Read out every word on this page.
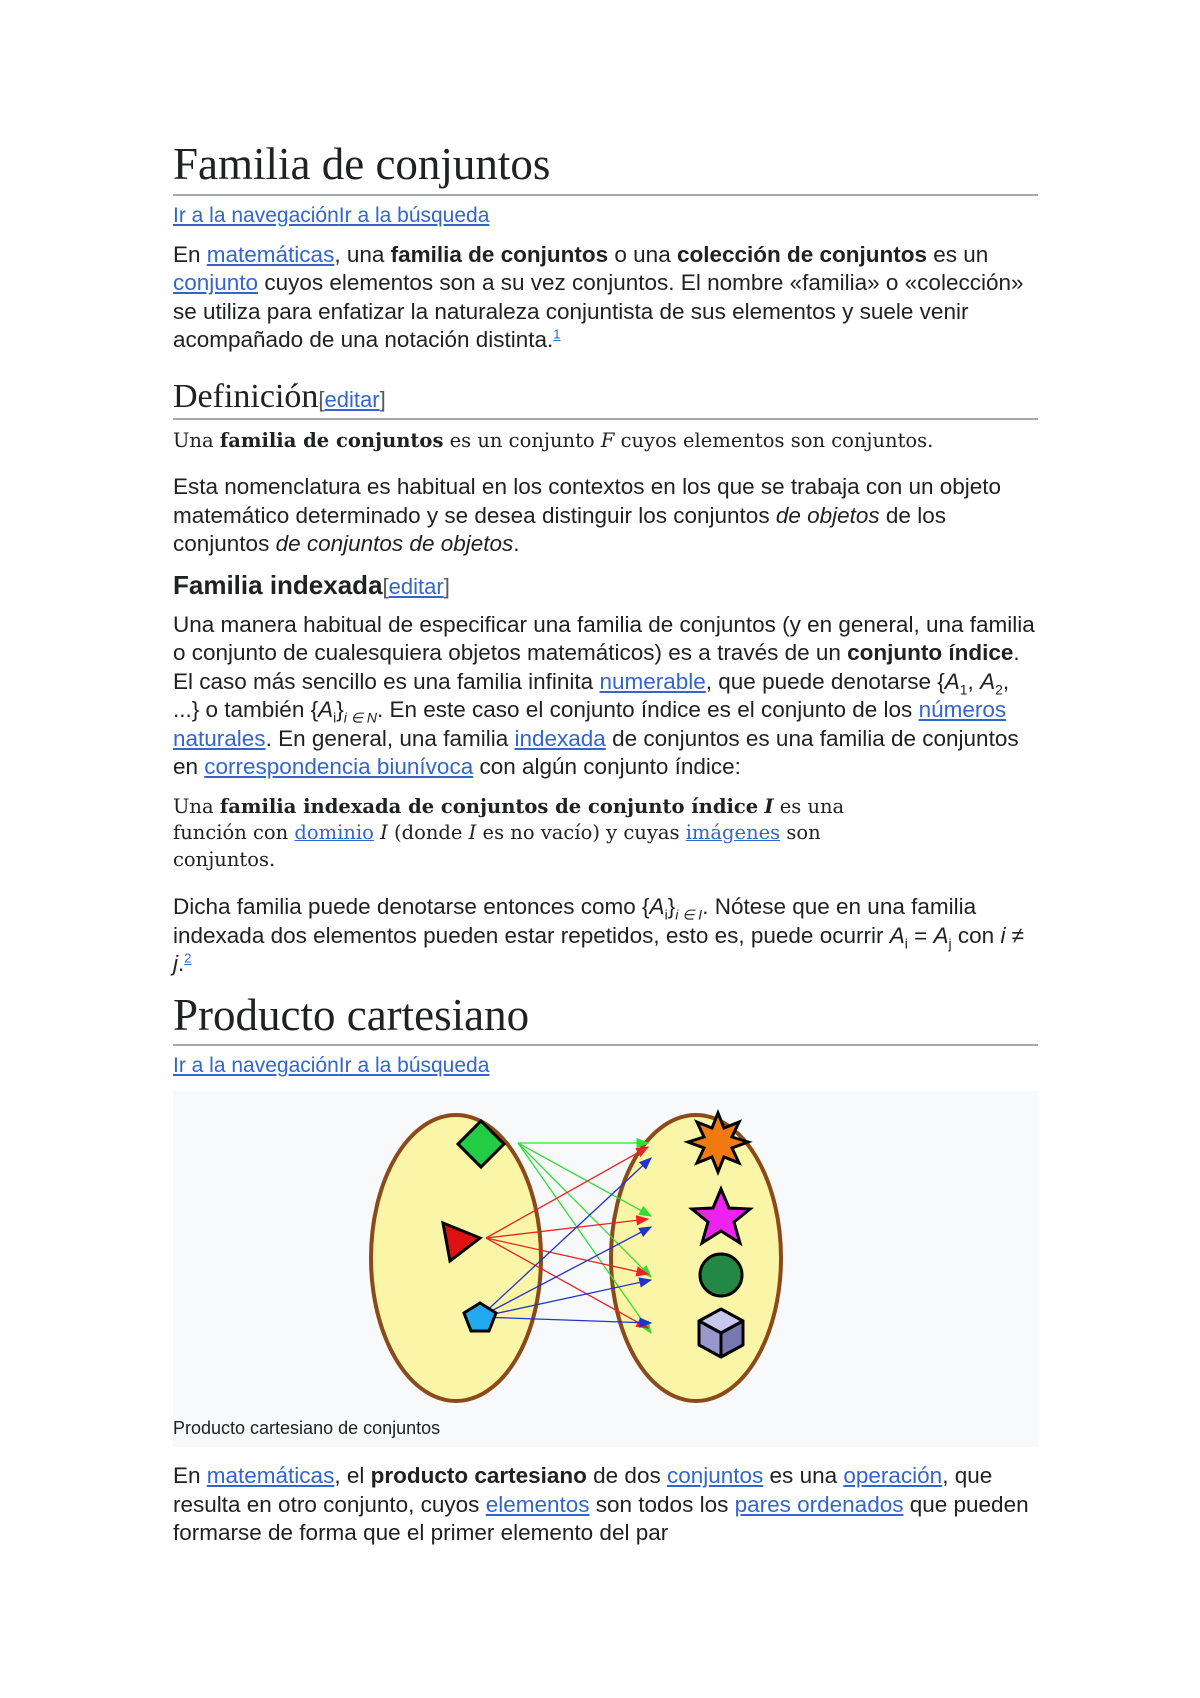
Familia de conjuntos
Ir a la navegaciónIr a la búsqueda

En matemáticas, una familia de conjuntos o una colección de conjuntos es un conjunto cuyos elementos son a su vez conjuntos. El nombre «familia» o «colección» se utiliza para enfatizar la naturaleza conjuntista de sus elementos y suele venir acompañado de una notación distinta.$^1$

Definición[editar]
Una familia de conjuntos es un conjunto F cuyos elementos son conjuntos.

Esta nomenclatura es habitual en los contextos en los que se trabaja con un objeto matemático determinado y se desea distinguir los conjuntos de objetos de los conjuntos de conjuntos de objetos.

Familia indexada[editar]

Una manera habitual de especificar una familia de conjuntos (y en general, una familia o conjunto de cualesquiera objetos matemáticos) es a través de un conjunto índice. El caso más sencillo es una familia infinita numerable, que puede denotarse {$A_1$, $A_2$, ...} o también $\{A_i\}_{i \in N}$. En este caso el conjunto índice es el conjunto de los números naturales. En general, una familia indexada de conjuntos es una familia de conjuntos en correspondencia biunívoca con algún conjunto índice:

Una familia indexada de conjuntos de conjunto índice I es una función con dominio I (donde I es no vacío) y cuyas imágenes son conjuntos.

Dicha familia puede denotarse entonces como $\{A_i\}_{i \in I}$. Nótese que en una familia indexada dos elementos pueden estar repetidos, esto es, puede ocurrir $A_i = A_j$ con i ≠ j.$^2$

Producto cartesiano
Ir a la navegaciónIr a la búsqueda
Producto cartesiano de conjuntos

En matemáticas, el producto cartesiano de dos conjuntos es una operación, que resulta en otro conjunto, cuyos elementos son todos los pares ordenados que pueden formarse de forma que el primer elemento del par
